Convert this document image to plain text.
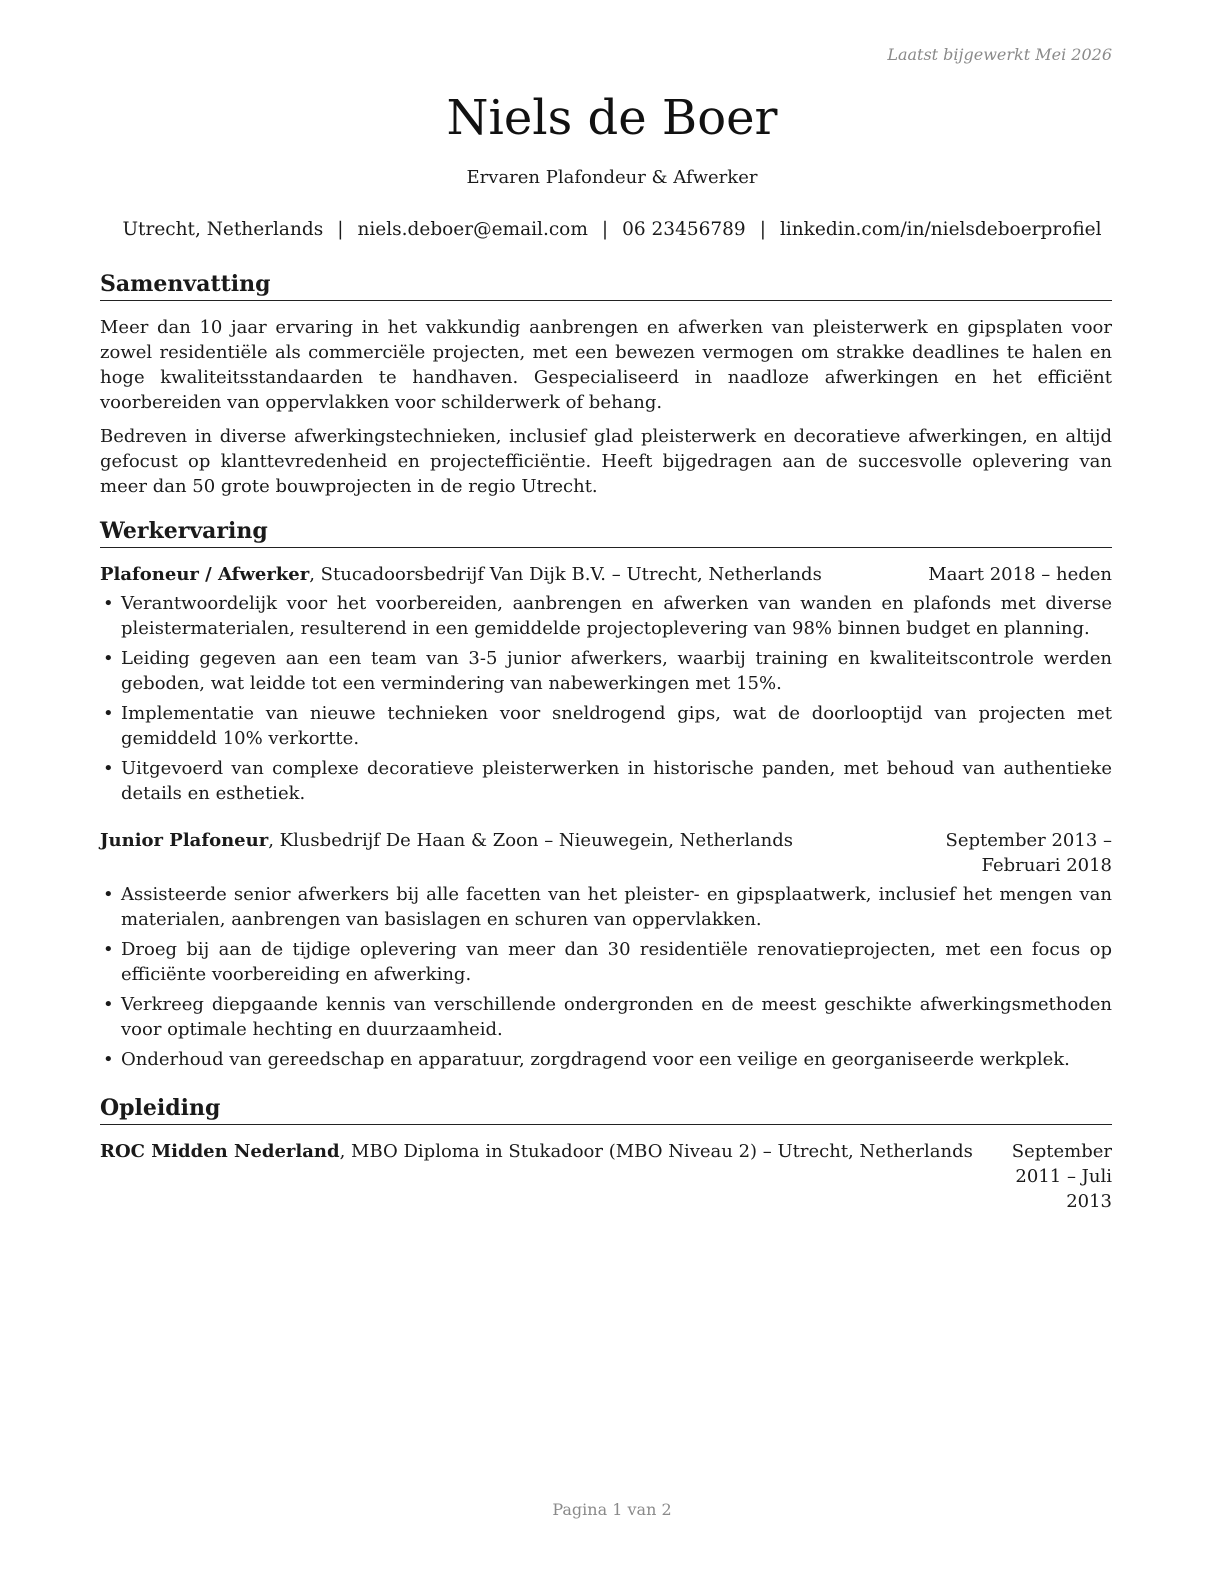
Laatst bijgewerkt Mei 2026
Niels de Boer
Ervaren Plafondeur & Afwerker
Utrecht, Netherlands | niels.deboer@email.com | 06 23456789 | linkedin.com/in/nielsdeboerprofiel
Samenvatting

Meer dan 10 jaar ervaring in het vakkundig aanbrengen en afwerken van pleisterwerk en gipsplaten voor zowel residentiële als commerciële projecten, met een bewezen vermogen om strakke deadlines te halen en hoge kwaliteitsstandaarden te handhaven. Gespecialiseerd in naadloze afwerkingen en het efficiënt voorbereiden van oppervlakken voor schilderwerk of behang.

Bedreven in diverse afwerkingstechnieken, inclusief glad pleisterwerk en decoratieve afwerkingen, en altijd gefocust op klanttevredenheid en projectefficiëntie. Heeft bijgedragen aan de succesvolle oplevering van meer dan 50 grote bouwprojecten in de regio Utrecht.

Werkervaring
Plafoneur / Afwerker, Stucadoorsbedrijf Van Dijk B.V. – Utrecht, Netherlands	Maart 2018 – heden
• Verantwoordelijk voor het voorbereiden, aanbrengen en afwerken van wanden en plafonds met diverse pleistermaterialen, resulterend in een gemiddelde projectoplevering van 98% binnen budget en planning.
• Leiding gegeven aan een team van 3-5 junior afwerkers, waarbij training en kwaliteitscontrole werden geboden, wat leidde tot een vermindering van nabewerkingen met 15%.
• Implementatie van nieuwe technieken voor sneldrogend gips, wat de doorlooptijd van projecten met gemiddeld 10% verkortte.
• Uitgevoerd van complexe decoratieve pleisterwerken in historische panden, met behoud van authentieke details en esthetiek.
Junior Plafoneur, Klusbedrijf De Haan & Zoon – Nieuwegein, Netherlands	September 2013 – Februari 2018
• Assisteerde senior afwerkers bij alle facetten van het pleister- en gipsplaatwerk, inclusief het mengen van materialen, aanbrengen van basislagen en schuren van oppervlakken.
• Droeg bij aan de tijdige oplevering van meer dan 30 residentiële renovatieprojecten, met een focus op efficiënte voorbereiding en afwerking.
• Verkreeg diepgaande kennis van verschillende ondergronden en de meest geschikte afwerkingsmethoden voor optimale hechting en duurzaamheid.
• Onderhoud van gereedschap en apparatuur, zorgdragend voor een veilige en georganiseerde werkplek.
Opleiding
ROC Midden Nederland, MBO Diploma in Stukadoor (MBO Niveau 2) – Utrecht, Netherlands	September 2011 – Juli 2013
Pagina 1 van 2
